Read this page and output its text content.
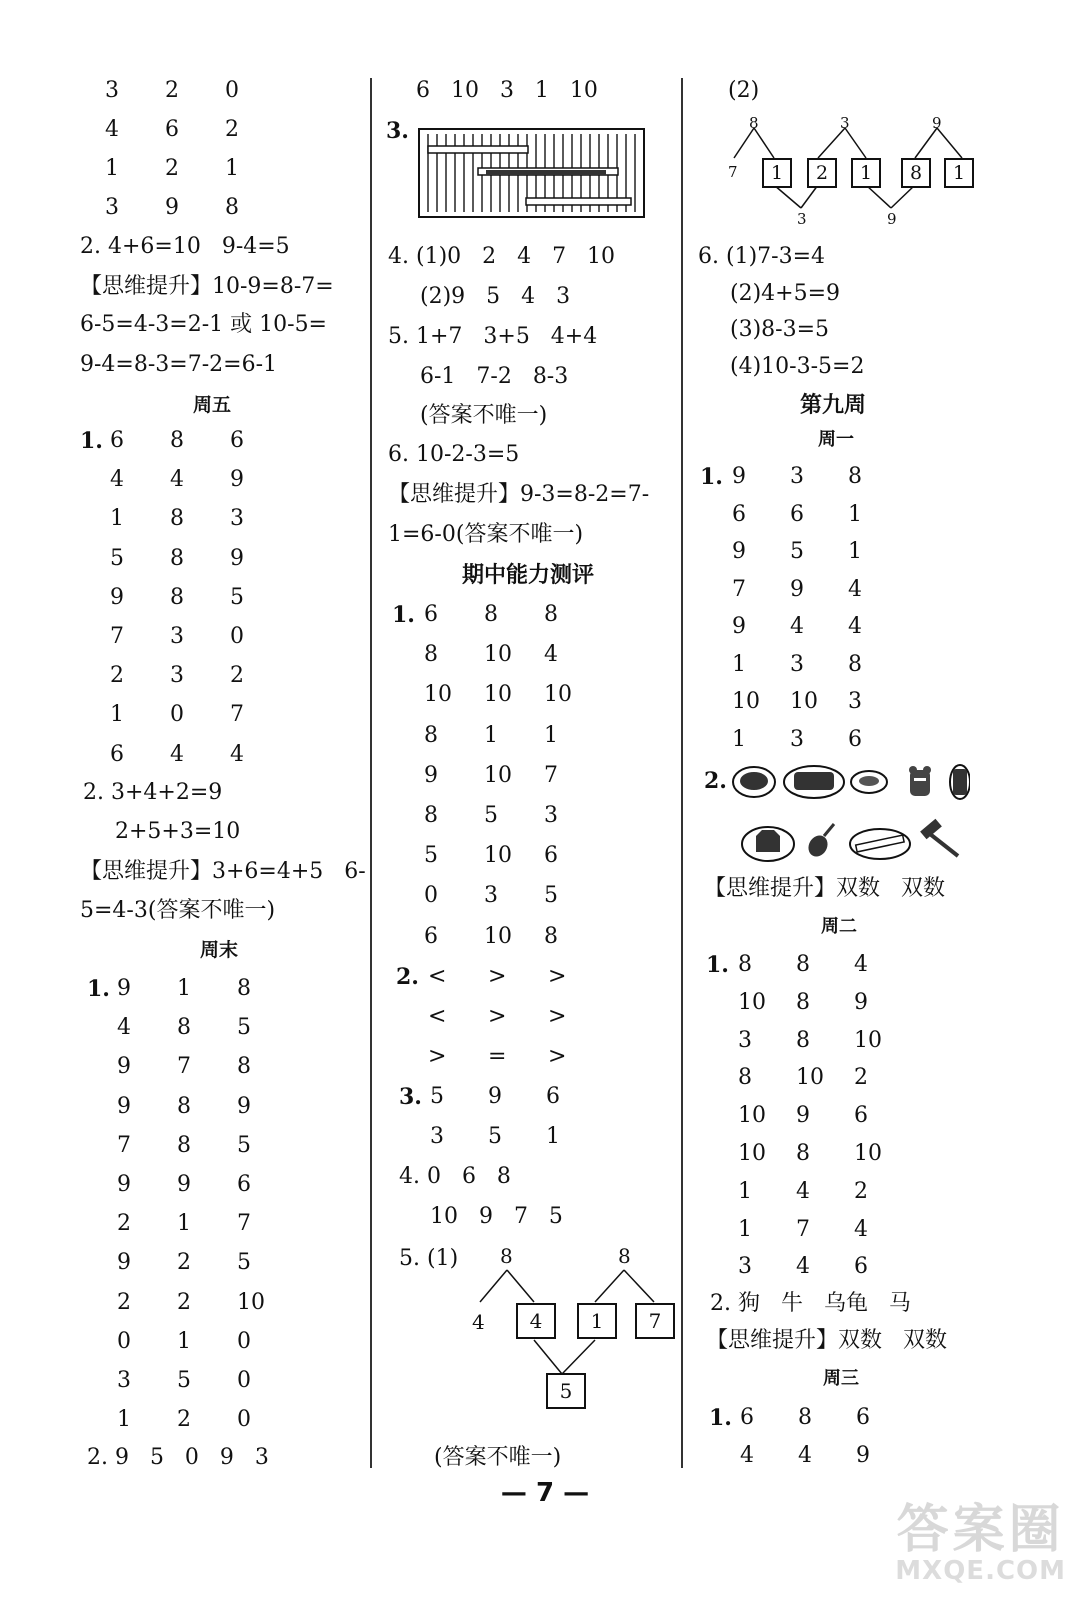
3 2 0
4 6 2
1 2 1
3 9 8
2. 4+6=10   9-4=5
【思维提升】10-9=8-7=
6-5=4-3=2-1 或 10-5=
9-4=8-3=7-2=6-1
周五
1. 6 8 6
4 4 9
1 8 3
5 8 9
9 8 5
7 3 0
2 3 2
1 0 7
6 4 4
2. 3+4+2=9
2+5+3=10
【思维提升】3+6=4+5   6-
5=4-3(答案不唯一)
周末
1. 9 1 8
4 8 5
9 7 8
9 8 9
7 8 5
9 9 6
2 1 7
9 2 5
2 2 10
0 1 0
3 5 0
1 2 0
2. 9   5   0   9   3
6   10   3   1   10
3.
4. (1)0   2   4   7   10
(2)9   5   4   3
5. 1+7   3+5   4+4
6-1   7-2   8-3
(答案不唯一)
6. 10-2-3=5
【思维提升】9-3=8-2=7-
1=6-0(答案不唯一)
期中能力测评
1. 6 8 8
8 10 4
10 10 10
8 1 1
9 10 7
8 5 3
5 10 6
0 3 5
6 10 8
2. < > >
< > >
> = >
3. 5 9 6
3 5 1
4. 0   6   8
10   9   7   5
5. (1) 8
4	4	1
8
7
5
(答案不唯一)
(2)
8	3	9
7	1	2	1	8	1
3	9
6. (1)7-3=4
(2)4+5=9
(3)8-3=5
(4)10-3-5=2
第九周
周一
1. 9 3 8
6 6 1
9 5 1
7 9 4
9 4 4
1 3 8
10 10 3
1 3 6
2.
【思维提升】双数   双数
周二
1. 8 8 4
10 8 9
3 8 10
8 10 2
10 9 6
10 8 10
1 4 2
1 7 4
3 4 6
2. 狗   牛   乌龟   马
【思维提升】双数   双数
周三
1. 6 8 6
4 4 9
— 7 —
答案圈
MXQE.COM
